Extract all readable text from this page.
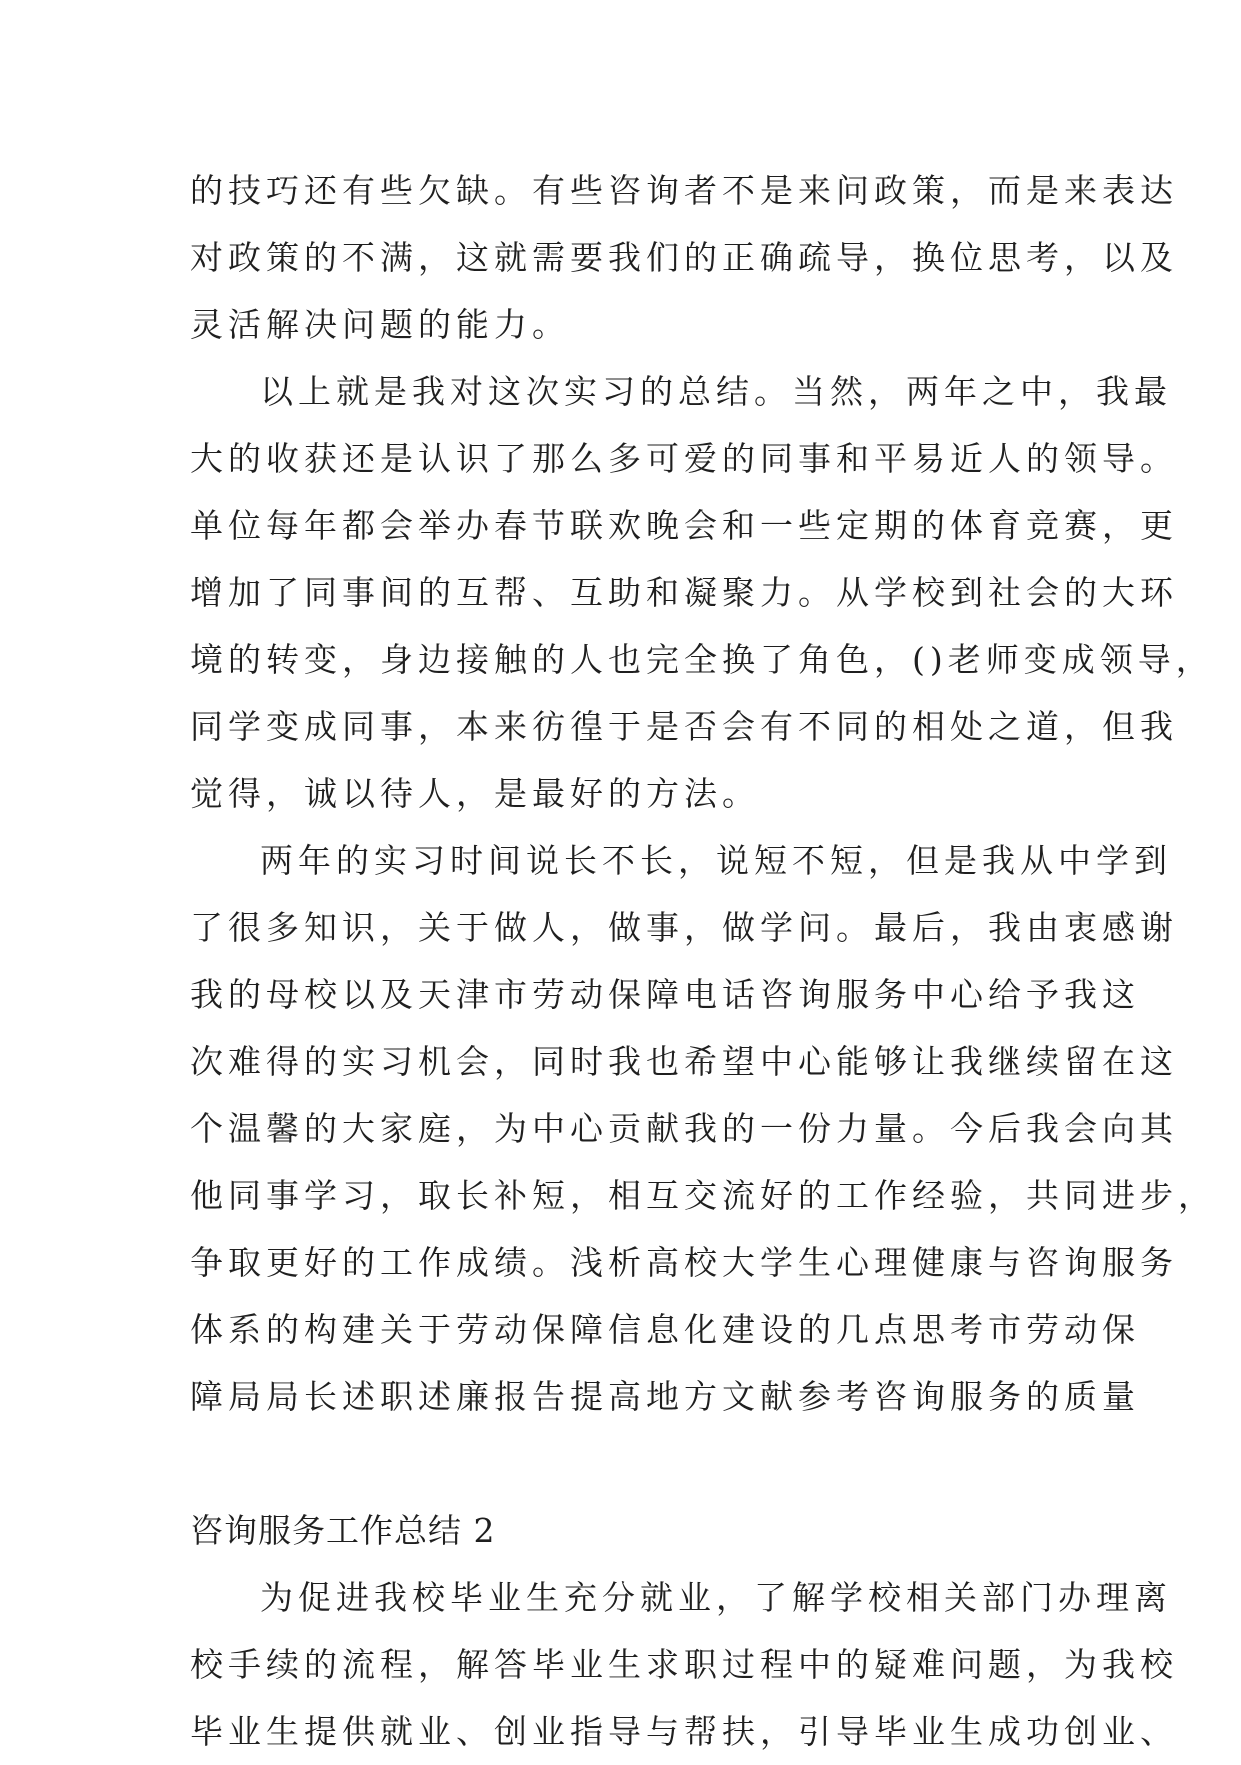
的技巧还有些欠缺。有些咨询者不是来问政策，而是来表达
对政策的不满，这就需要我们的正确疏导，换位思考，以及
灵活解决问题的能力。
以上就是我对这次实习的总结。当然，两年之中，我最
大的收获还是认识了那么多可爱的同事和平易近人的领导。
单位每年都会举办春节联欢晚会和一些定期的体育竞赛，更
增加了同事间的互帮、互助和凝聚力。从学校到社会的大环
境的转变，身边接触的人也完全换了角色，()老师变成领导，
同学变成同事，本来彷徨于是否会有不同的相处之道，但我
觉得，诚以待人，是最好的方法。
两年的实习时间说长不长，说短不短，但是我从中学到
了很多知识，关于做人，做事，做学问。最后，我由衷感谢
我的母校以及天津市劳动保障电话咨询服务中心给予我这
次难得的实习机会，同时我也希望中心能够让我继续留在这
个温馨的大家庭，为中心贡献我的一份力量。今后我会向其
他同事学习，取长补短，相互交流好的工作经验，共同进步，
争取更好的工作成绩。浅析高校大学生心理健康与咨询服务
体系的构建关于劳动保障信息化建设的几点思考市劳动保
障局局长述职述廉报告提高地方文献参考咨询服务的质量
咨询服务工作总结 2
为促进我校毕业生充分就业，了解学校相关部门办理离
校手续的流程，解答毕业生求职过程中的疑难问题，为我校
毕业生提供就业、创业指导与帮扶，引导毕业生成功创业、
